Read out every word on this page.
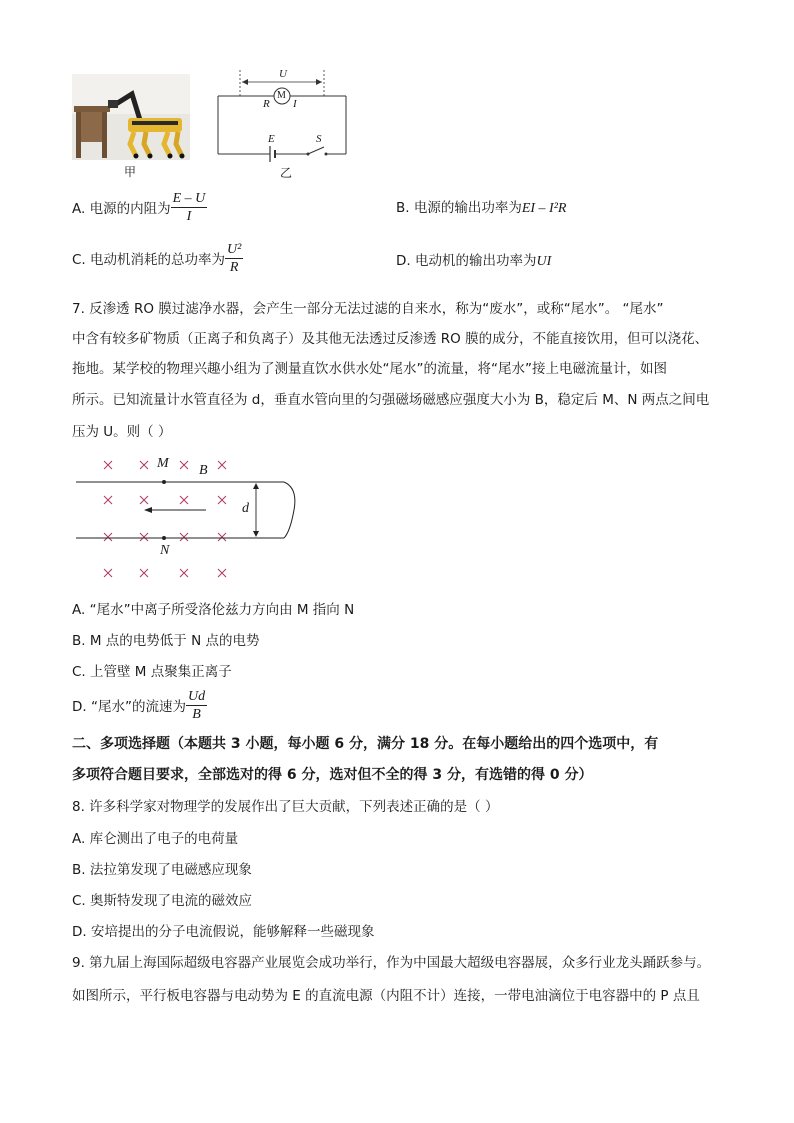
甲
U
R
M
I
E	S
乙
A. 电源的内阻为 $\frac{E - U}{I}$	B. 电源的输出功率为EI – I²R
C. 电动机消耗的总功率为 $\frac{\text{U²}}{R}$	D. 电动机的输出功率为UI
7. 反渗透 RO 膜过滤净水器，会产生一部分无法过滤的自来水，称为“废水”，或称“尾水”。 “尾水”
中含有较多矿物质（正离子和负离子）及其他无法透过反渗透 RO 膜的成分，不能直接饮用，但可以浇花、
拖地。某学校的物理兴趣小组为了测量直饮水供水处“尾水”的流量，将“尾水”接上电磁流量计，如图
所示。已知流量计水管直径为 d，垂直水管向里的匀强磁场磁感应强度大小为 B，稳定后 M、N 两点之间电
压为 U。则（ ）
M B
N
d
A. “尾水”中离子所受洛伦兹力方向由 M 指向 N
B. M 点的电势低于 N 点的电势
C. 上管壁 M 点聚集正离子
D. “尾水”的流速为 $\frac{Ud}{B}$
二、多项选择题（本题共 3 小题，每小题 6 分，满分 18 分。在每小题给出的四个选项中，有
多项符合题目要求，全部选对的得 6 分，选对但不全的得 3 分，有选错的得 0 分）
8. 许多科学家对物理学的发展作出了巨大贡献，下列表述正确的是（ ）
A. 库仑测出了电子的电荷量
B. 法拉第发现了电磁感应现象
C. 奥斯特发现了电流的磁效应
D. 安培提出的分子电流假说，能够解释一些磁现象
9. 第九届上海国际超级电容器产业展览会成功举行，作为中国最大超级电容器展，众多行业龙头踊跃参与。
如图所示，平行板电容器与电动势为 E 的直流电源（内阻不计）连接，一带电油滴位于电容器中的 P 点且
